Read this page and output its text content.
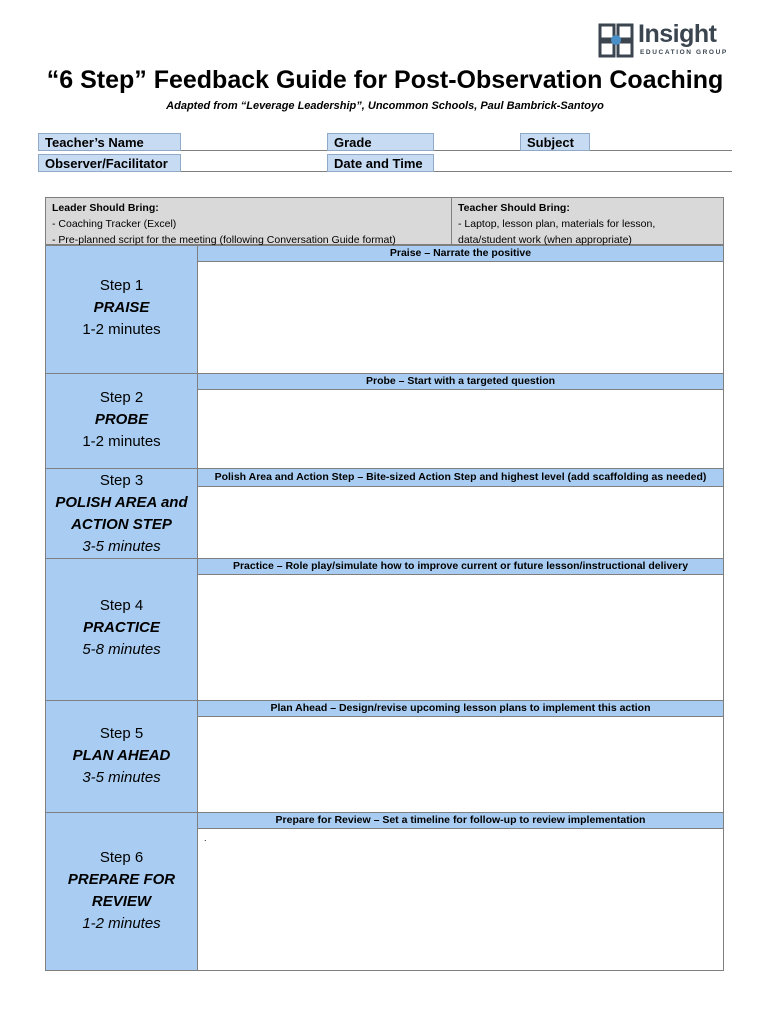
Insight
EDUCATION GROUP
“6 Step” Feedback Guide for Post-Observation Coaching
Adapted from “Leverage Leadership”, Uncommon Schools, Paul Bambrick-Santoyo
Teacher’s Name	Grade	Subject
Observer/Facilitator	Date and Time
Leader Should Bring:
- Coaching Tracker (Excel)
- Pre-planned script for the meeting (following Conversation Guide format)
Teacher Should Bring:
- Laptop, lesson plan, materials for lesson,
data/student work (when appropriate)
Step 1
PRAISE
1-2 minutes
Praise – Narrate the positive
Step 2
PROBE
1-2 minutes
Probe – Start with a targeted question
Step 3
POLISH AREA and
ACTION STEP
3-5 minutes
Polish Area and Action Step – Bite-sized Action Step and highest level (add scaffolding as needed)
Step 4
PRACTICE
5-8 minutes
Practice – Role play/simulate how to improve current or future lesson/instructional delivery
Step 5
PLAN AHEAD
3-5 minutes
Plan Ahead – Design/revise upcoming lesson plans to implement this action
Step 6
PREPARE FOR
REVIEW
1-2 minutes
Prepare for Review – Set a timeline for follow-up to review implementation
.
